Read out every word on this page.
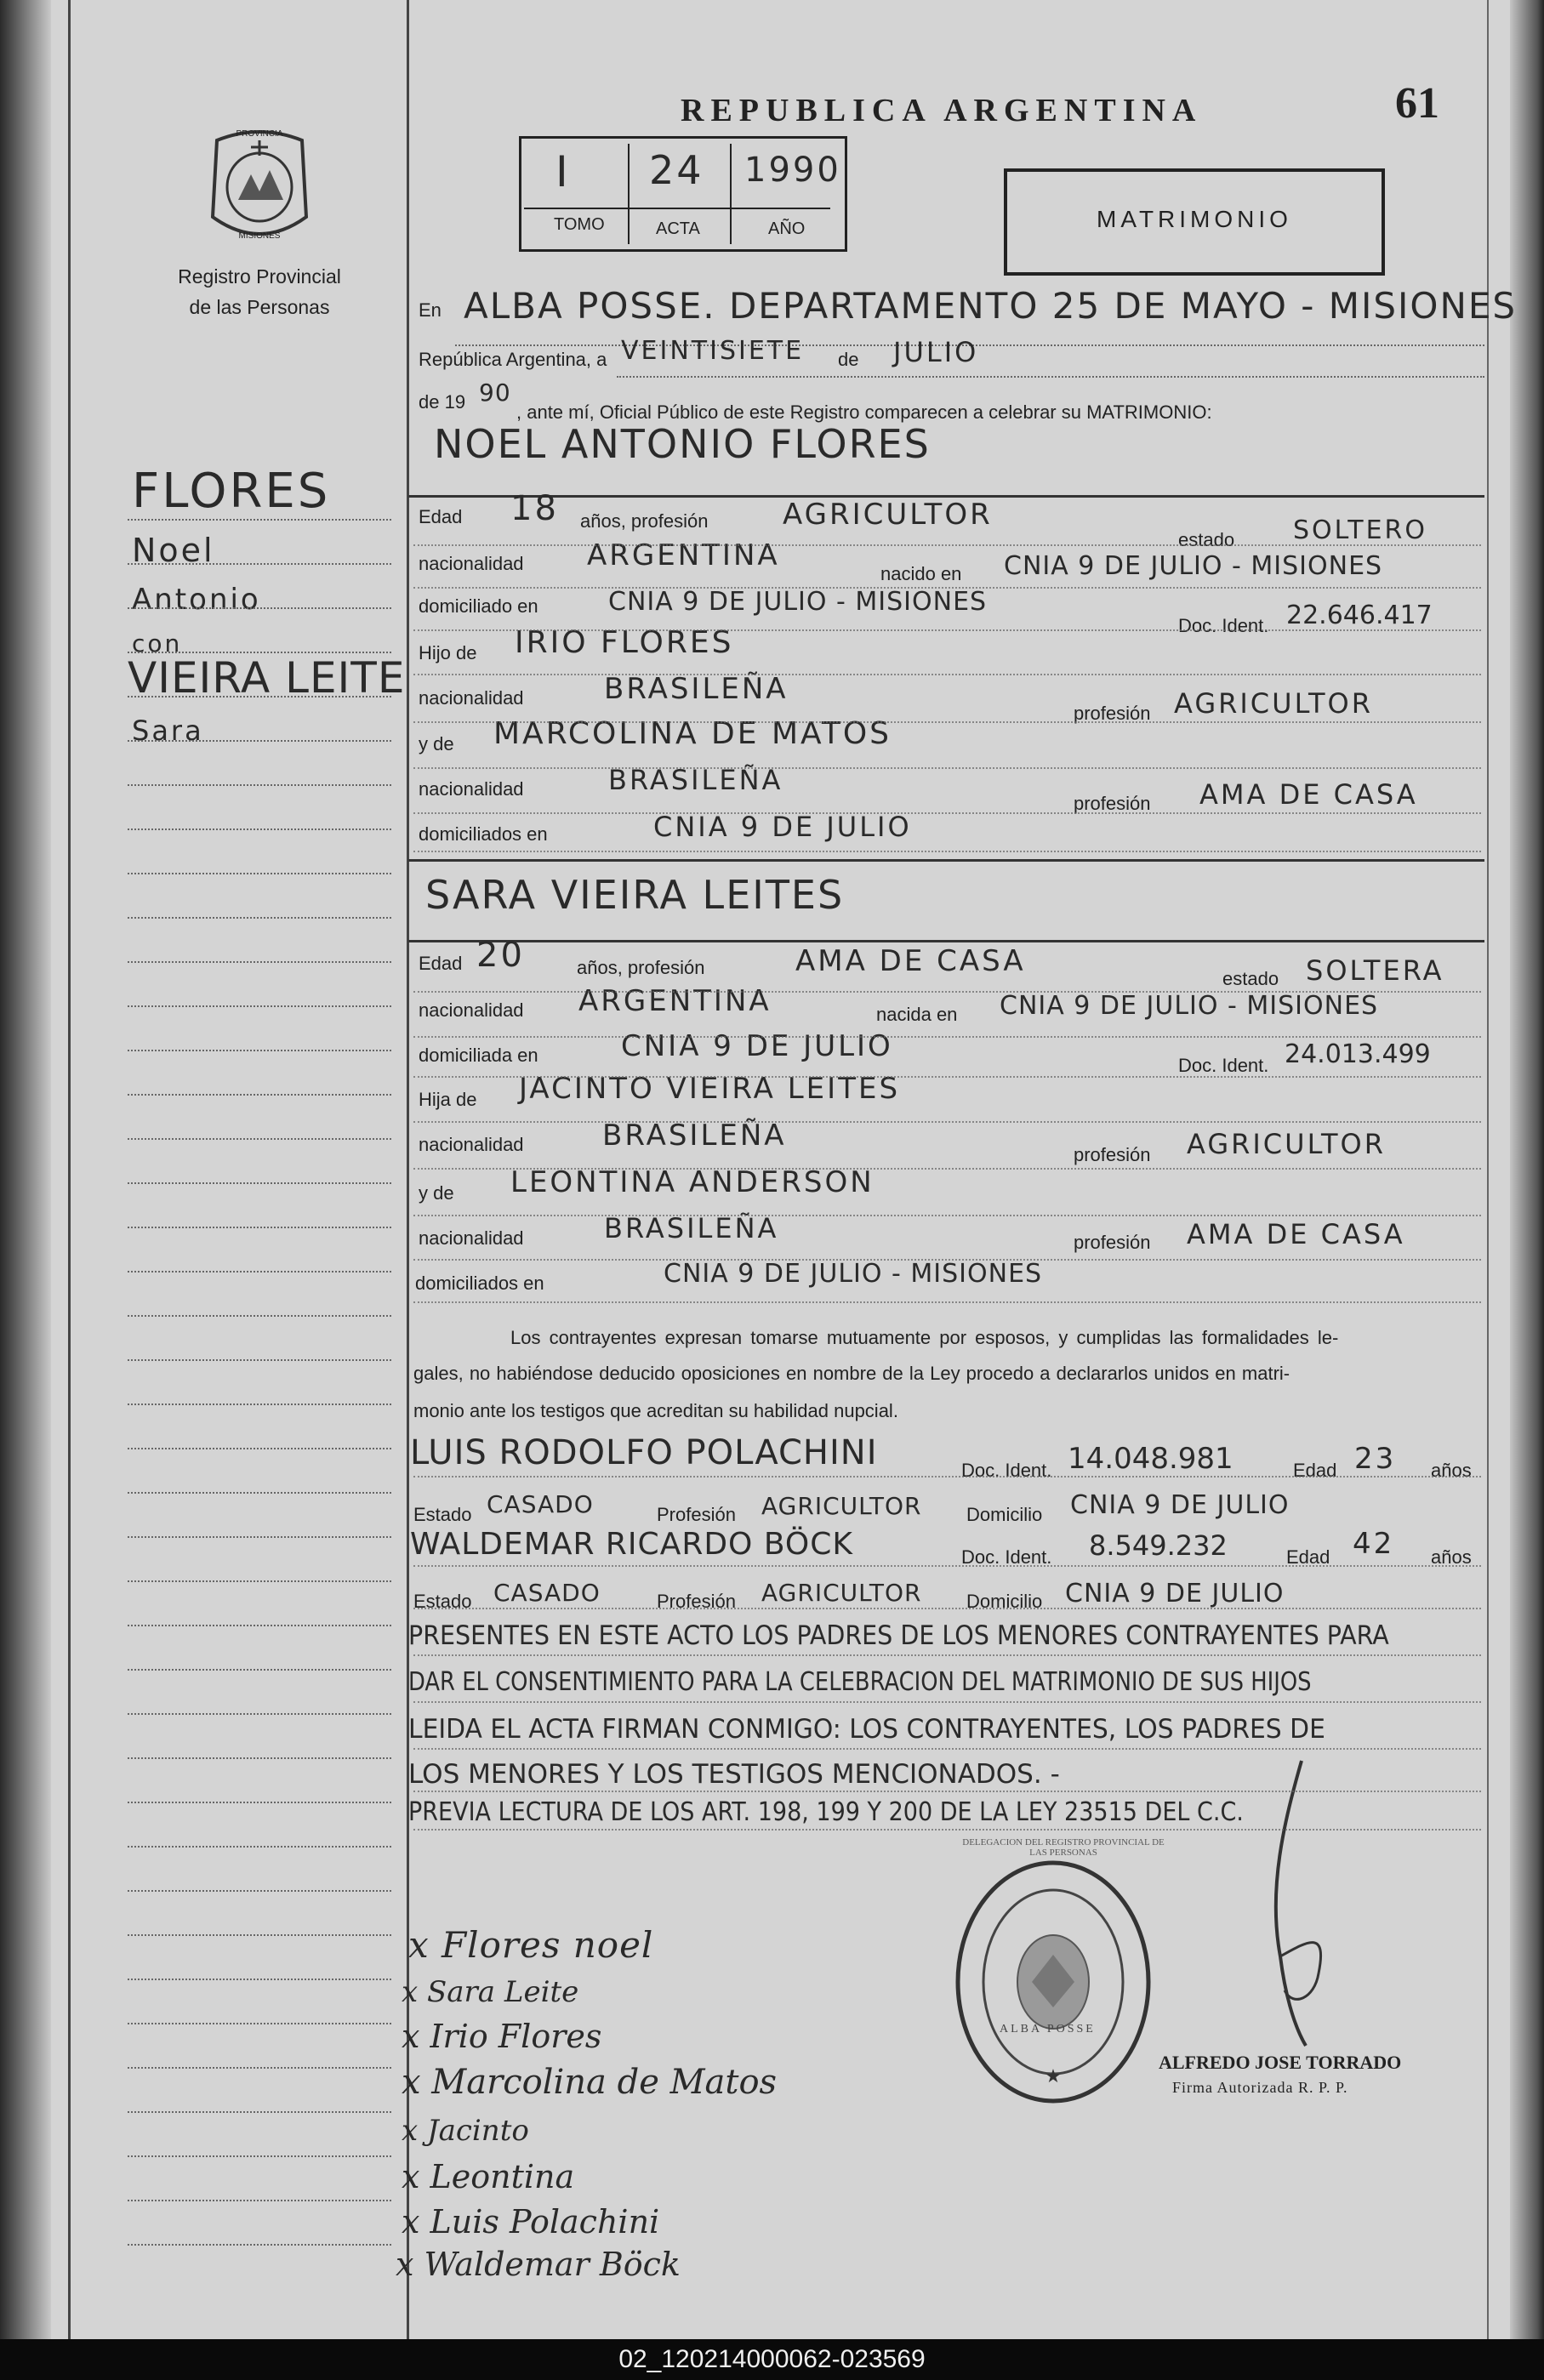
PROVINCIA
MISIONES
Registro Provincial
de las Personas
FLORES
Noel
Antonio
con
VIEIRA LEITE
Sara
REPUBLICA ARGENTINA	61
I 24 1990
TOMO	ACTA	AÑO	MATRIMONIO
En ALBA POSSE. DEPARTAMENTO 25 DE MAYO - MISIONES
República Argentina, a VEINTISIETE de JULIO
de 19 90
, ante mí, Oficial Público de este Registro comparecen a celebrar su MATRIMONIO:
NOEL ANTONIO FLORES
Edad 18 años, profesión	AGRICULTOR
estado SOLTERO
nacionalidad ARGENTINA
nacido en CNIA 9 DE JULIO - MISIONES
domiciliado en	CNIA 9 DE JULIO - MISIONES
Doc. Ident. 22.646.417
Hijo de IRIO FLORES
nacionalidad	BRASILEÑA
profesión AGRICULTOR
y de MARCOLINA DE MATOS
nacionalidad	BRASILEÑA
profesión AMA DE CASA
domiciliados en	CNIA 9 DE JULIO
SARA VIEIRA LEITES
Edad 20	años, profesión	AMA DE CASA
estado SOLTERA
nacionalidad ARGENTINA	nacida en CNIA 9 DE JULIO - MISIONES
domiciliada en	CNIA 9 DE JULIO
Doc. Ident. 24.013.499
Hija de JACINTO VIEIRA LEITES
nacionalidad	BRASILEÑA
profesión AGRICULTOR
y de LEONTINA ANDERSON
nacionalidad	BRASILEÑA	profesión AMA DE CASA
domiciliados en	CNIA 9 DE JULIO - MISIONES
Los contrayentes expresan tomarse mutuamente por esposos, y cumplidas las formalidades le-
gales, no habiéndose deducido oposiciones en nombre de la Ley procedo a declararlos unidos en matri-
monio ante los testigos que acreditan su habilidad nupcial.
LUIS RODOLFO POLACHINI	Doc. Ident. 14.048.981	Edad 23 años
Estado CASADO	Profesión AGRICULTOR Domicilio CNIA 9 DE JULIO
WALDEMAR RICARDO BÖCK	Doc. Ident. 8.549.232	Edad 42 años
Estado CASADO	Profesión AGRICULTOR Domicilio CNIA 9 DE JULIO
PRESENTES EN ESTE ACTO LOS PADRES DE LOS MENORES CONTRAYENTES PARA
DAR EL CONSENTIMIENTO PARA LA CELEBRACION DEL MATRIMONIO DE SUS HIJOS
LEIDA EL ACTA FIRMAN CONMIGO: LOS CONTRAYENTES, LOS PADRES DE
LOS MENORES Y LOS TESTIGOS MENCIONADOS. -
PREVIA LECTURA DE LOS ART. 198, 199 Y 200 DE LA LEY 23515 DEL C.C.
x Flores noel
x Sara Leite
x Irio Flores
x Marcolina de Matos
x Jacinto
x Leontina
x Luis Polachini
x Waldemar Böck
★
ALBA POSSE
DELEGACION DEL REGISTRO PROVINCIAL DE LAS PERSONAS
ALFREDO JOSE TORRADO
Firma Autorizada R. P. P.
02_120214000062-023569
